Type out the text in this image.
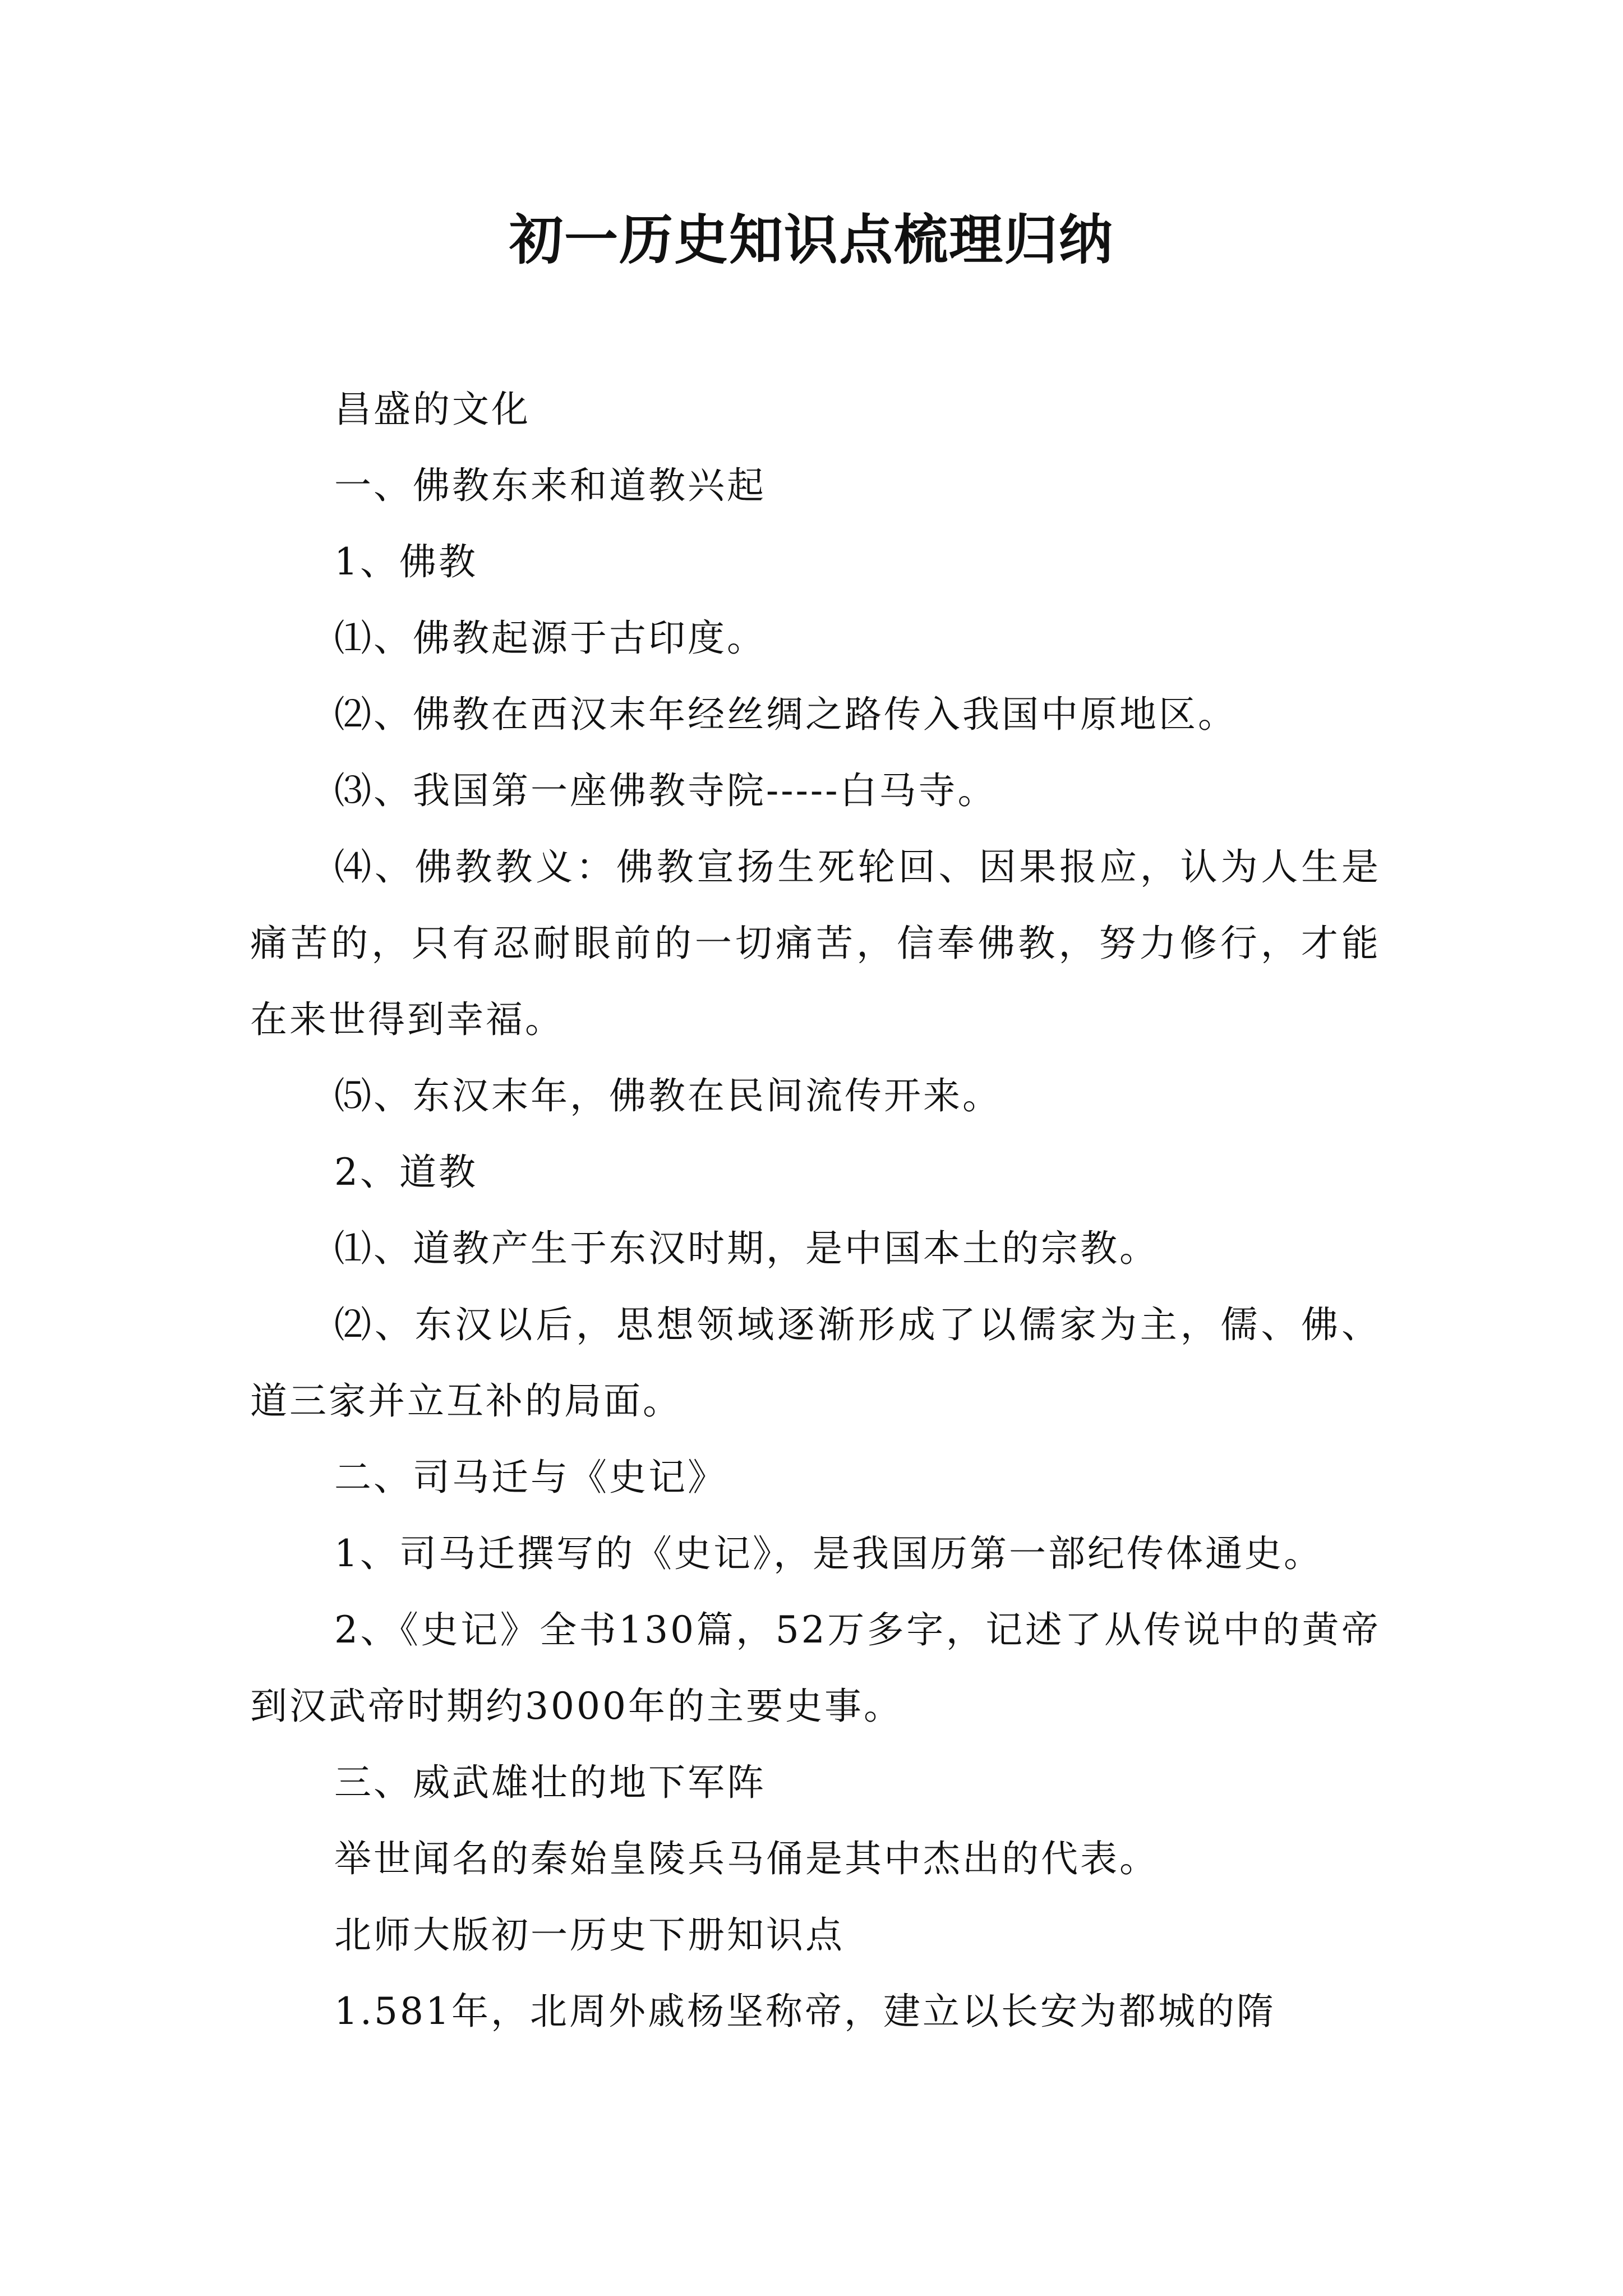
初一历史知识点梳理归纳

昌盛的文化

一、佛教东来和道教兴起

1、佛教

⑴、佛教起源于古印度。

⑵、佛教在西汉末年经丝绸之路传入我国中原地区。

⑶、我国第一座佛教寺院-----白马寺。

⑷、佛教教义：佛教宣扬生死轮回、因果报应，认为人生是痛苦的，只有忍耐眼前的一切痛苦，信奉佛教，努力修行，才能在来世得到幸福。

⑸、东汉末年，佛教在民间流传开来。

2、道教

⑴、道教产生于东汉时期，是中国本土的宗教。

⑵、东汉以后，思想领域逐渐形成了以儒家为主，儒、佛、道三家并立互补的局面。

二、司马迁与《史记》

1、司马迁撰写的《史记》，是我国历第一部纪传体通史。

2、《史记》全书130篇，52万多字，记述了从传说中的黄帝到汉武帝时期约3000年的主要史事。

三、威武雄壮的地下军阵

举世闻名的秦始皇陵兵马俑是其中杰出的代表。

北师大版初一历史下册知识点

1.581年，北周外戚杨坚称帝，建立以长安为都城的隋
